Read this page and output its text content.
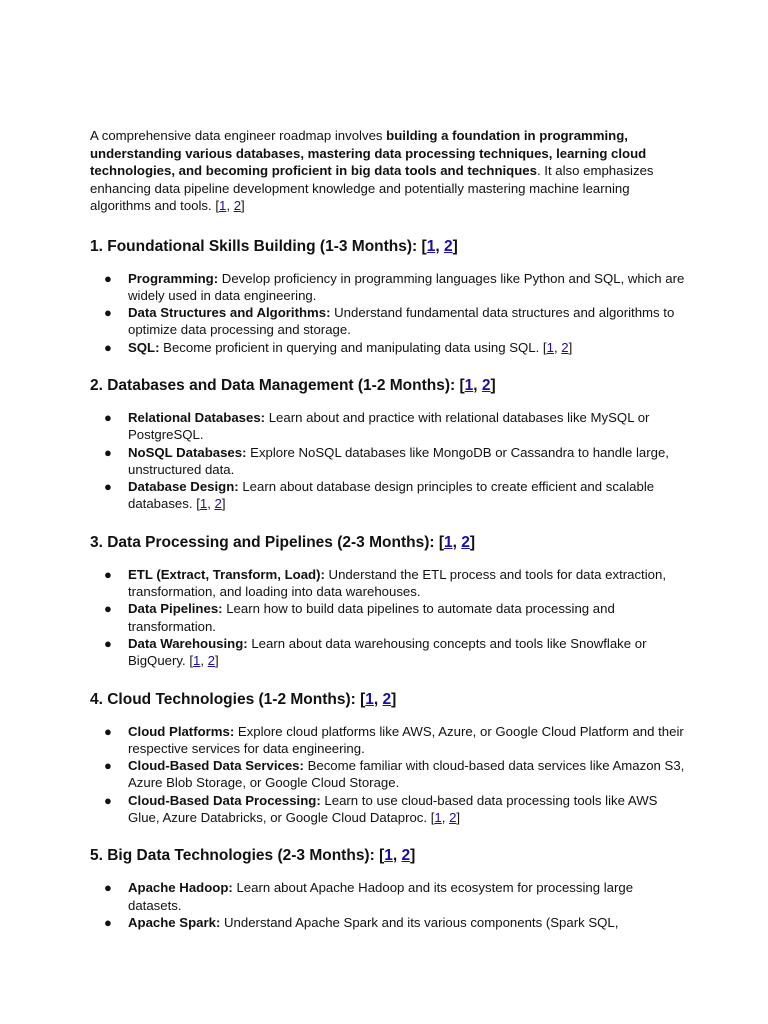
A comprehensive data engineer roadmap involves building a foundation in programming, understanding various databases, mastering data processing techniques, learning cloud technologies, and becoming proficient in big data tools and techniques. It also emphasizes enhancing data pipeline development knowledge and potentially mastering machine learning algorithms and tools. [1, 2]

1. Foundational Skills Building (1-3 Months): [1, 2]
● Programming: Develop proficiency in programming languages like Python and SQL, which are widely used in data engineering.
● Data Structures and Algorithms: Understand fundamental data structures and algorithms to optimize data processing and storage.
● SQL: Become proficient in querying and manipulating data using SQL. [1, 2]
2. Databases and Data Management (1-2 Months): [1, 2]
● Relational Databases: Learn about and practice with relational databases like MySQL or PostgreSQL.
● NoSQL Databases: Explore NoSQL databases like MongoDB or Cassandra to handle large, unstructured data.
● Database Design: Learn about database design principles to create efficient and scalable databases. [1, 2]
3. Data Processing and Pipelines (2-3 Months): [1, 2]
● ETL (Extract, Transform, Load): Understand the ETL process and tools for data extraction, transformation, and loading into data warehouses.
● Data Pipelines: Learn how to build data pipelines to automate data processing and transformation.
● Data Warehousing: Learn about data warehousing concepts and tools like Snowflake or BigQuery. [1, 2]
4. Cloud Technologies (1-2 Months): [1, 2]
● Cloud Platforms: Explore cloud platforms like AWS, Azure, or Google Cloud Platform and their respective services for data engineering.
● Cloud-Based Data Services: Become familiar with cloud-based data services like Amazon S3, Azure Blob Storage, or Google Cloud Storage.
● Cloud-Based Data Processing: Learn to use cloud-based data processing tools like AWS Glue, Azure Databricks, or Google Cloud Dataproc. [1, 2]
5. Big Data Technologies (2-3 Months): [1, 2]
● Apache Hadoop: Learn about Apache Hadoop and its ecosystem for processing large datasets.
● Apache Spark: Understand Apache Spark and its various components (Spark SQL,
